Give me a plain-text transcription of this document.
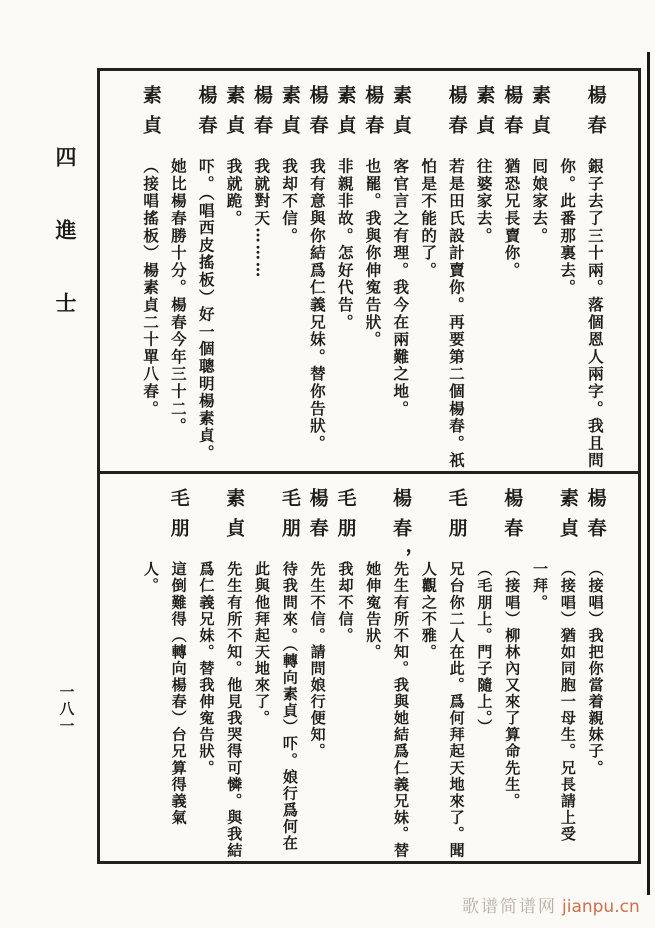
四進士
一八一
楊春
銀子去了三十兩。落個恩人兩字。我且問
你。此番那裏去。
素貞
囘娘家去。
楊春
猶恐兄長賣你。
素貞
往婆家去。
楊春
若是田氏設計賣你。再要第二個楊春。祇
怕是不能的了。
素貞
客官言之有理。我今在兩難之地。
楊春
也罷。我與你伸寃告狀。
素貞
非親非故。怎好代告。
楊春
我有意與你結爲仁義兄妹。替你告狀。
素貞
我却不信。
楊春
我就對天………
素貞
我就跪。
楊春
吓。（唱西皮搖板）好一個聰明楊素貞。
她比楊春勝十分。楊春今年三十二。
素貞
（接唱搖板）楊素貞二十單八春。
楊春
（接唱）我把你當着親妹子。
素貞
（接唱）猶如同胞一母生。兄長請上受
一拜。
楊春
（接唱）柳林內又來了算命先生。
（毛朋上。門子隨上。）
毛朋
兄台你二人在此。爲何拜起天地來了。聞
人觀之不雅。
楊春，
先生有所不知。我與她結爲仁義兄妹。替
她伸寃告狀。
毛朋
我却不信。
楊春
先生不信。請問娘行便知。
毛朋
待我問來。（轉向素貞）吓。娘行爲何在
此與他拜起天地來了。
素貞
先生有所不知。他見我哭得可憐。與我結
爲仁義兄妹。替我伸寃告狀。
毛朋
這倒難得（轉向楊春）台兄算得義氣
人。
歌谱简谱网 jianpu.cn
